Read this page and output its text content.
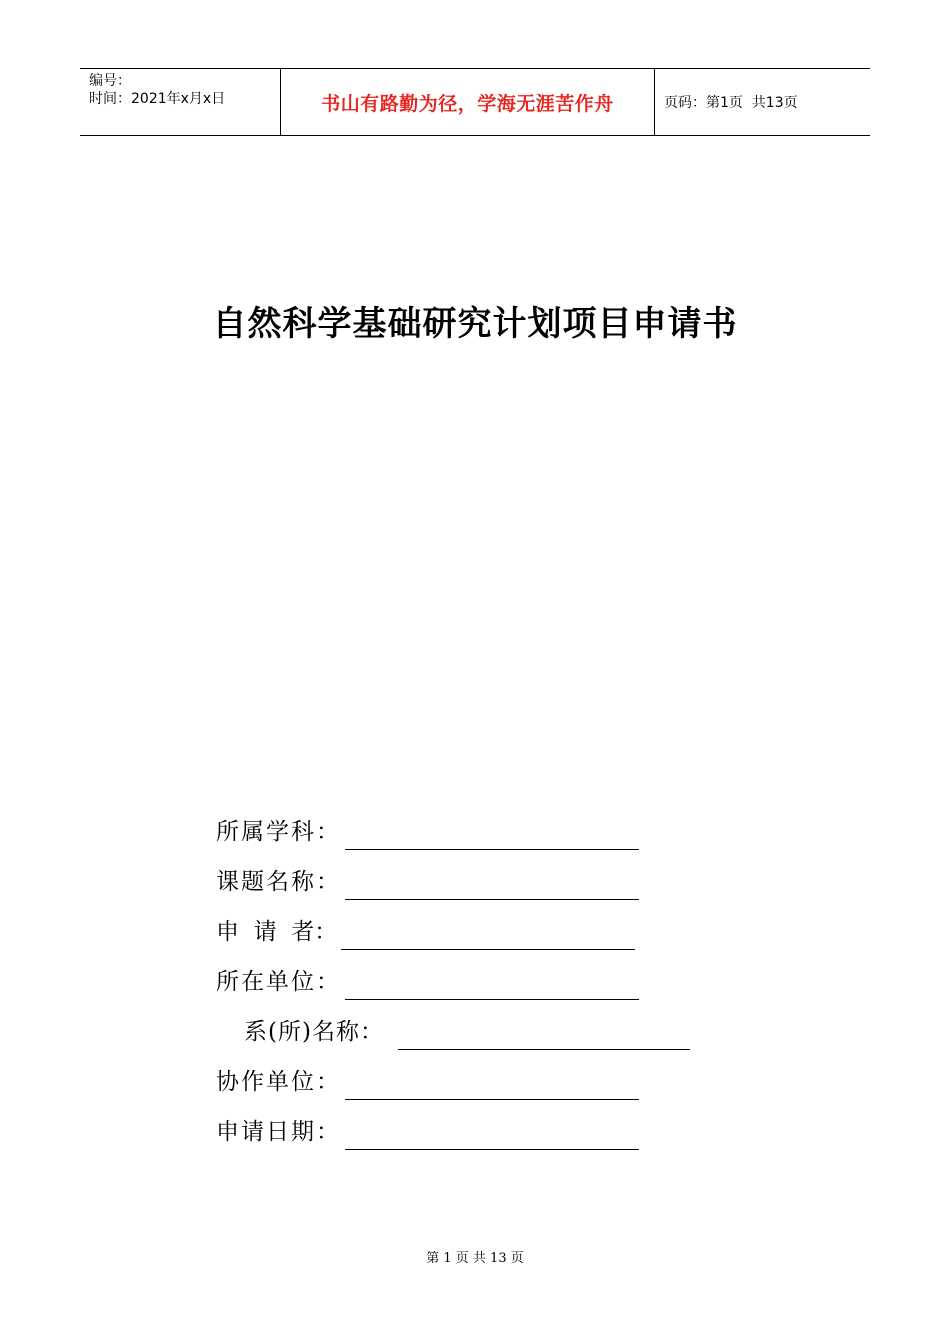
编号：
时间：2021年x月x日	书山有路勤为径，学海无涯苦作舟	页码：第1页  共13页
自然科学基础研究计划项目申请书
所属学科：
课题名称：
申  请  者：
所在单位：
系(所)名称：
协作单位：
申请日期：
第 1 页 共 13 页
